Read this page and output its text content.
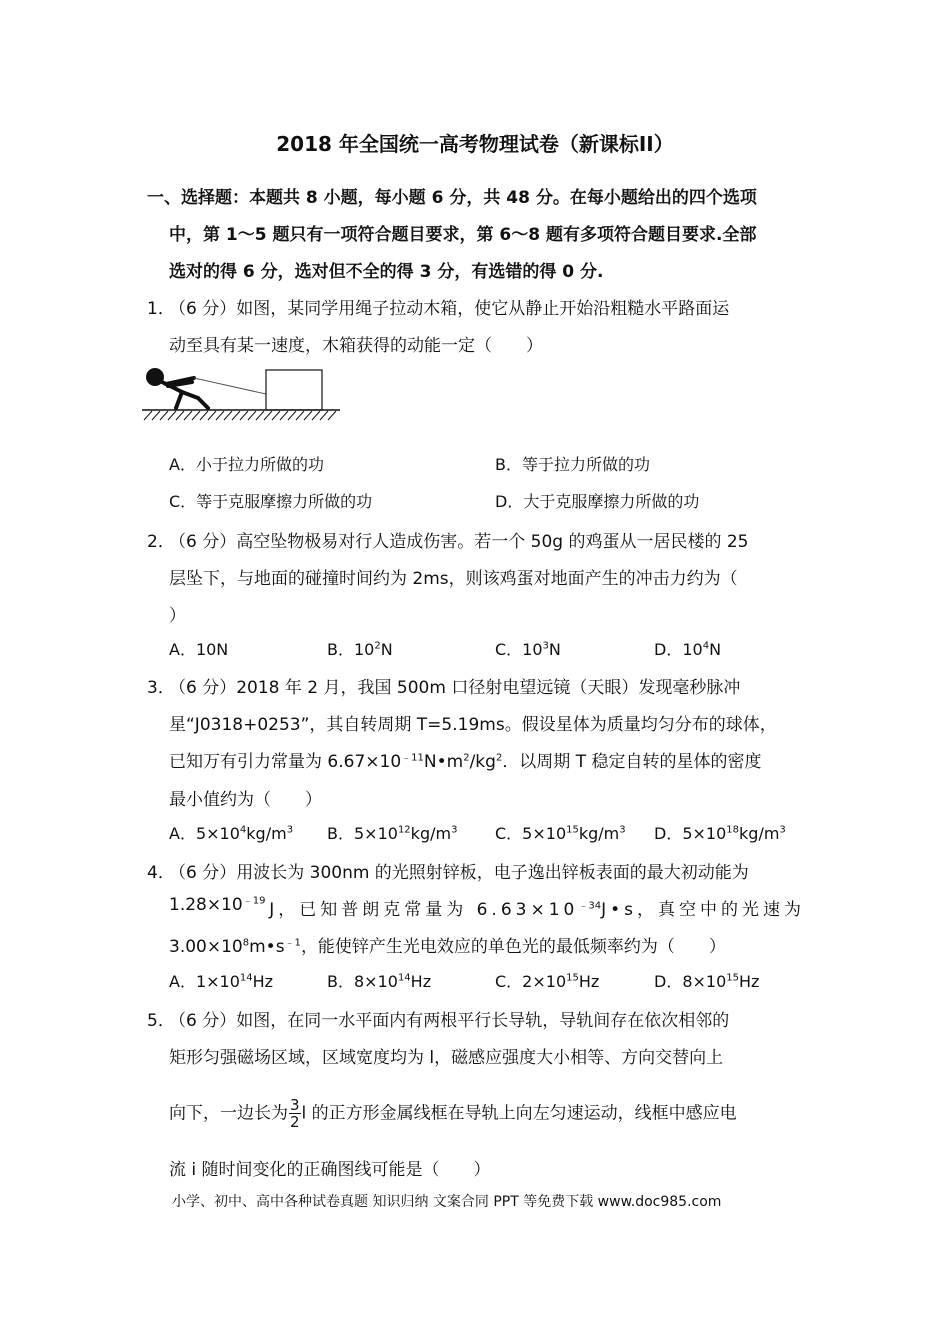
2018 年全国统一高考物理试卷（新课标II）
一、选择题：本题共 8 小题，每小题 6 分，共 48 分。在每小题给出的四个选项
中，第 1～5 题只有一项符合题目要求，第 6～8 题有多项符合题目要求.全部
选对的得 6 分，选对但不全的得 3 分，有选错的得 0 分.
1．
（6 分）如图，某同学用绳子拉动木箱，使它从静止开始沿粗糙水平路面运
动至具有某一速度，木箱获得的动能一定（　　）
A．小于拉力所做的功	B．等于拉力所做的功
C．等于克服摩擦力所做的功	D．大于克服摩擦力所做的功
2．
（6 分）高空坠物极易对行人造成伤害。若一个 50g 的鸡蛋从一居民楼的 25
层坠下，与地面的碰撞时间约为 2ms，则该鸡蛋对地面产生的冲击力约为（
）
A．10N	B．$10^2N$	C．$10^3N$	D．$10^4N$
3．
（6 分）2018 年 2 月，我国 500m 口径射电望远镜（天眼）发现毫秒脉冲
星“J0318+0253”，其自转周期 T=5.19ms。假设星体为质量均匀分布的球体，
已知万有引力常量为 $6.67\times 10^{﹣11}N•m^2/kg^2$．以周期 T 稳定自转的星体的密度
最小值约为（　　）
A．$5\times 10^4kg/m^3$ B．$5\times 10^{12}kg/m^3$ C．$5\times 10^{15}kg/m^3$ D．$5\times 10^{18}kg/m^3$
4．
（6 分）用波长为 300nm 的光照射锌板，电子逸出锌板表面的最大初动能为
$1.28\times 10^{﹣19}$ J，已知普朗克常量为 $6.63\times 10^{﹣34}J•s$，真空中的光速为
$3.00\times 10^8m•s^{﹣1}$，能使锌产生光电效应的单色光的最低频率约为（　　）
A．$1\times 10^{14}Hz$	B．$8\times 10^{14}Hz$	C．$2\times 10^{15}Hz$	D．$8\times 10^{15}Hz$
5．
（6 分）如图，在同一水平面内有两根平行长导轨，导轨间存在依次相邻的
矩形匀强磁场区域，区域宽度均为 l，磁感应强度大小相等、方向交替向上
向下，一边长为 $\frac{3}{2}$ l 的正方形金属线框在导轨上向左匀速运动，线框中感应电
流 i 随时间变化的正确图线可能是（　　）
小学、初中、高中各种试卷真题 知识归纳 文案合同 PPT 等免费下载 www.doc985.com
